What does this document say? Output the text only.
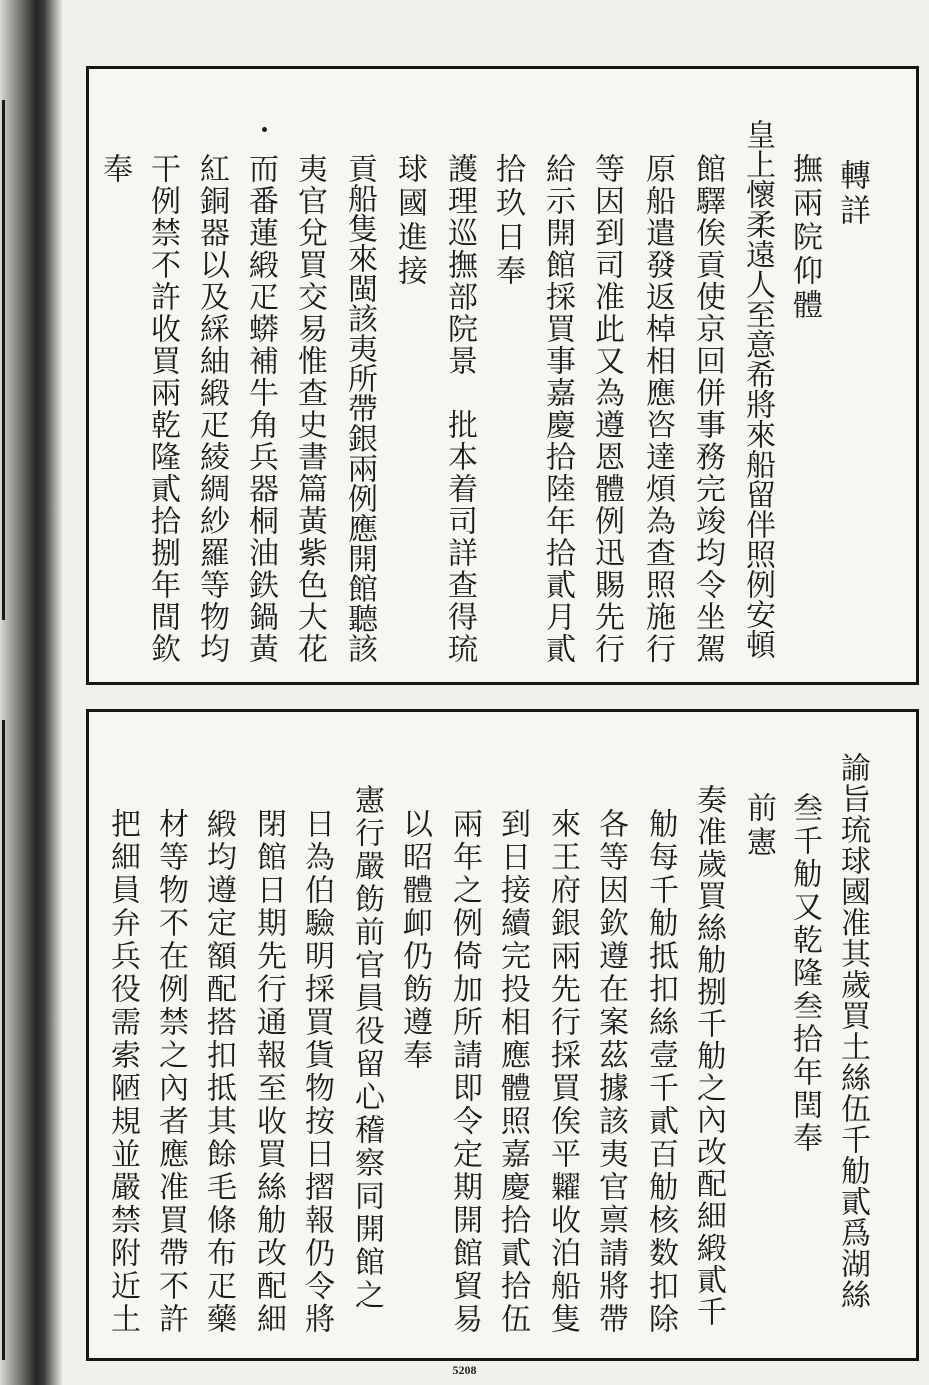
轉詳
撫兩院仰體
皇上懷柔遠人至意希將來船留伴照例安頓
館驛俟貢使京回併事務完竣均令坐駕
原船遣發返棹相應咨達煩為查照施行
等因到司准此又為遵恩體例迅賜先行
給示開館採買事嘉慶拾陸年拾貳月貳
拾玖日奉
護理巡撫部院景　批本着司詳查得琉
球國進接
貢船隻來閩該夷所帶銀兩例應開館聽該
夷官兌買交易惟查史書篇黃紫色大花
而番蓮緞疋蟒補牛角兵器桐油鉄鍋黃
紅銅器以及綵紬緞疋綾綢紗羅等物均
干例禁不許收買兩乾隆貳拾捌年間欽
奉
諭旨琉球國准其歲買土絲伍千觔貳爲湖絲
叁千觔又乾隆叁拾年閏奉
前憲
奏准歲買絲觔捌千觔之內改配細緞貳千
觔每千觔抵扣絲壹千貳百觔核数扣除
各等因欽遵在案茲據該夷官禀請將帶
來王府銀兩先行採買俟平糶收泊船隻
到日接續完投相應體照嘉慶拾貳拾伍
兩年之例倚加所請即令定期開館貿易
以昭體卹仍飭遵奉
憲行嚴飭前官員役留心稽察同開館之
日為伯驗明採買貨物按日摺報仍令將
閉館日期先行通報至收買絲觔改配細
緞均遵定額配搭扣抵其餘毛條布疋藥
材等物不在例禁之內者應准買帶不許
把細員弁兵役需索陋規並嚴禁附近土
5208
